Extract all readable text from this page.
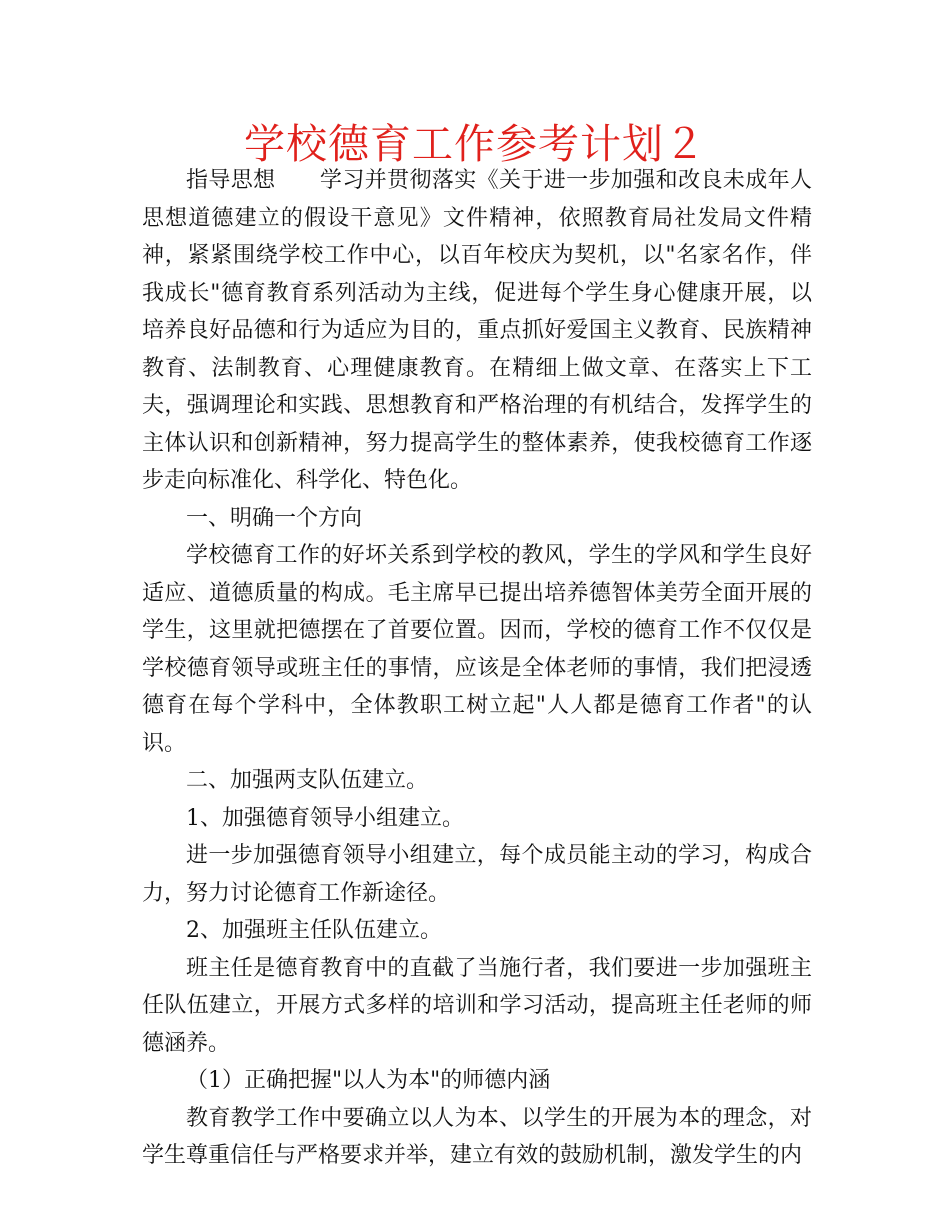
学校德育工作参考计划２

指导思想 学习并贯彻落实《关于进一步加强和改良未成年人思想道德建立的假设干意见》文件精神，依照教育局社发局文件精神，紧紧围绕学校工作中心，以百年校庆为契机，以"名家名作，伴我成长"德育教育系列活动为主线，促进每个学生身心健康开展，以培养良好品德和行为适应为目的，重点抓好爱国主义教育、民族精神教育、法制教育、心理健康教育。在精细上做文章、在落实上下工夫，强调理论和实践、思想教育和严格治理的有机结合，发挥学生的主体认识和创新精神，努力提高学生的整体素养，使我校德育工作逐步走向标准化、科学化、特色化。

一、明确一个方向

学校德育工作的好坏关系到学校的教风，学生的学风和学生良好适应、道德质量的构成。毛主席早已提出培养德智体美劳全面开展的学生，这里就把德摆在了首要位置。因而，学校的德育工作不仅仅是学校德育领导或班主任的事情，应该是全体老师的事情，我们把浸透德育在每个学科中，全体教职工树立起"人人都是德育工作者"的认识。

二、加强两支队伍建立。

1、加强德育领导小组建立。

进一步加强德育领导小组建立，每个成员能主动的学习，构成合力，努力讨论德育工作新途径。

2、加强班主任队伍建立。

班主任是德育教育中的直截了当施行者，我们要进一步加强班主任队伍建立，开展方式多样的培训和学习活动，提高班主任老师的师德涵养。

（1）正确把握"以人为本"的师德内涵

教育教学工作中要确立以人为本、以学生的开展为本的理念，对学生尊重信任与严格要求并举，建立有效的鼓励机制，激发学生的内
